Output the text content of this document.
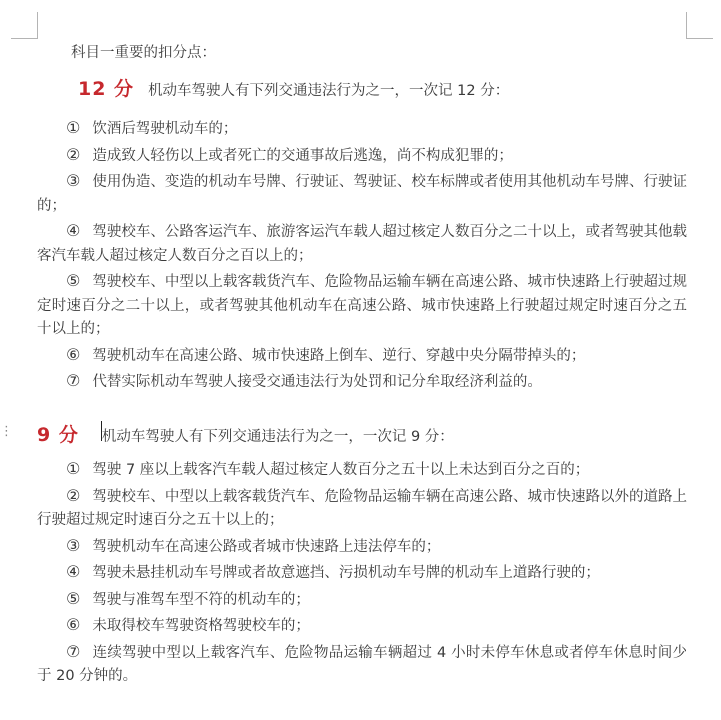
⋮
科目一重要的扣分点：
12 分 机动车驾驶人有下列交通违法行为之一，一次记 12 分：

① 饮酒后驾驶机动车的；

② 造成致人轻伤以上或者死亡的交通事故后逃逸，尚不构成犯罪的；

③ 使用伪造、变造的机动车号牌、行驶证、驾驶证、校车标牌或者使用其他机动车号牌、行驶证的；

④ 驾驶校车、公路客运汽车、旅游客运汽车载人超过核定人数百分之二十以上，或者驾驶其他载客汽车载人超过核定人数百分之百以上的；

⑤ 驾驶校车、中型以上载客载货汽车、危险物品运输车辆在高速公路、城市快速路上行驶超过规定时速百分之二十以上，或者驾驶其他机动车在高速公路、城市快速路上行驶超过规定时速百分之五十以上的；

⑥ 驾驶机动车在高速公路、城市快速路上倒车、逆行、穿越中央分隔带掉头的；

⑦ 代替实际机动车驾驶人接受交通违法行为处罚和记分牟取经济利益的。

9 分 机动车驾驶人有下列交通违法行为之一，一次记 9 分：

① 驾驶 7 座以上载客汽车载人超过核定人数百分之五十以上未达到百分之百的；

② 驾驶校车、中型以上载客载货汽车、危险物品运输车辆在高速公路、城市快速路以外的道路上行驶超过规定时速百分之五十以上的；

③ 驾驶机动车在高速公路或者城市快速路上违法停车的；

④ 驾驶未悬挂机动车号牌或者故意遮挡、污损机动车号牌的机动车上道路行驶的；

⑤ 驾驶与准驾车型不符的机动车的；

⑥ 未取得校车驾驶资格驾驶校车的；

⑦ 连续驾驶中型以上载客汽车、危险物品运输车辆超过 4 小时未停车休息或者停车休息时间少于 20 分钟的。
